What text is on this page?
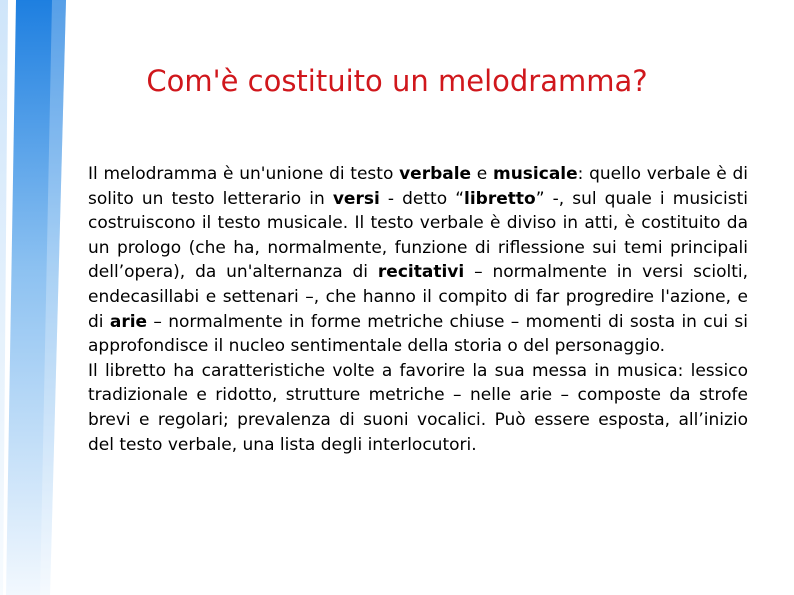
Com'è costituito un melodramma?

Il melodramma è un'unione di testo verbale e musicale: quello verbale è di solito un testo letterario in versi - detto “libretto” -, sul quale i musicisti costruiscono il testo musicale. Il testo verbale è diviso in atti, è costituito da un prologo (che ha, normalmente, funzione di riflessione sui temi principali dell’opera), da un'alternanza di recitativi – normalmente in versi sciolti, endecasillabi e settenari –, che hanno il compito di far progredire l'azione, e di arie – normalmente in forme metriche chiuse – momenti di sosta in cui si approfondisce il nucleo sentimentale della storia o del personaggio.

Il libretto ha caratteristiche volte a favorire la sua messa in musica: lessico tradizionale e ridotto, strutture metriche – nelle arie – composte da strofe brevi e regolari; prevalenza di suoni vocalici. Può essere esposta, all’inizio del testo verbale, una lista degli interlocutori.
